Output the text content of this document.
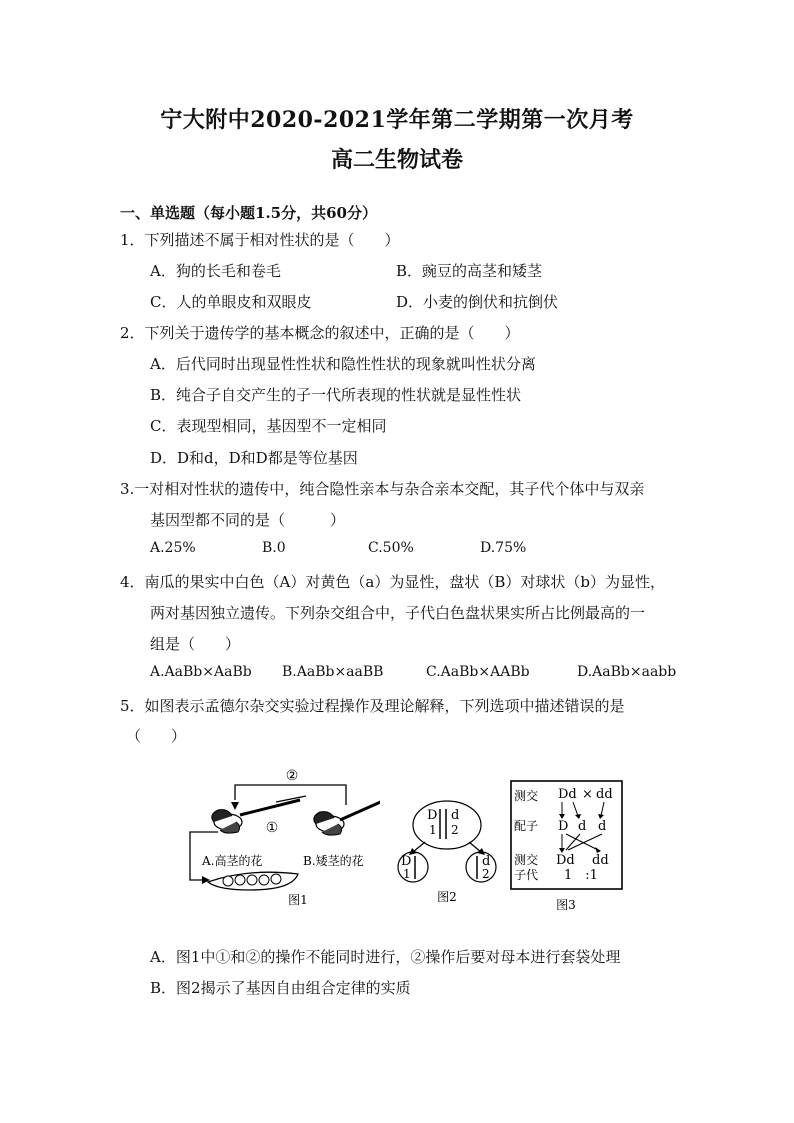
宁大附中2020-2021学年第二学期第一次月考
高二生物试卷
一、单选题（每小题1.5分，共60分）
1．下列描述不属于相对性状的是（　　）
A．狗的长毛和卷毛	B．豌豆的高茎和矮茎
C．人的单眼皮和双眼皮	D．小麦的倒伏和抗倒伏
2．下列关于遗传学的基本概念的叙述中，正确的是（　　）
A．后代同时出现显性性状和隐性性状的现象就叫性状分离
B．纯合子自交产生的子一代所表现的性状就是显性性状
C．表现型相同，基因型不一定相同
D．D和d，D和D都是等位基因
3.一对相对性状的遗传中，纯合隐性亲本与杂合亲本交配，其子代个体中与双亲
基因型都不同的是（　　　）
A.25%	B.0	C.50%	D.75%
4．南瓜的果实中白色（A）对黄色（a）为显性，盘状（B）对球状（b）为显性，
两对基因独立遗传。下列杂交组合中，子代白色盘状果实所占比例最高的一
组是（　　）
A.AaBb×AaBb B.AaBb×aaBB	C.AaBb×AABb	D.AaBb×aabb
5．如图表示孟德尔杂交实验过程操作及理论解释，下列选项中描述错误的是
（　　）
②
①
A.高茎的花	B.矮茎的花
图1
D
1
d
2
D
1
d
2
图2
测交 Dd × dd
配子 D d d
测交
子代
Dd dd
1　:1
图3
A．图1中①和②的操作不能同时进行，②操作后要对母本进行套袋处理
B．图2揭示了基因自由组合定律的实质
